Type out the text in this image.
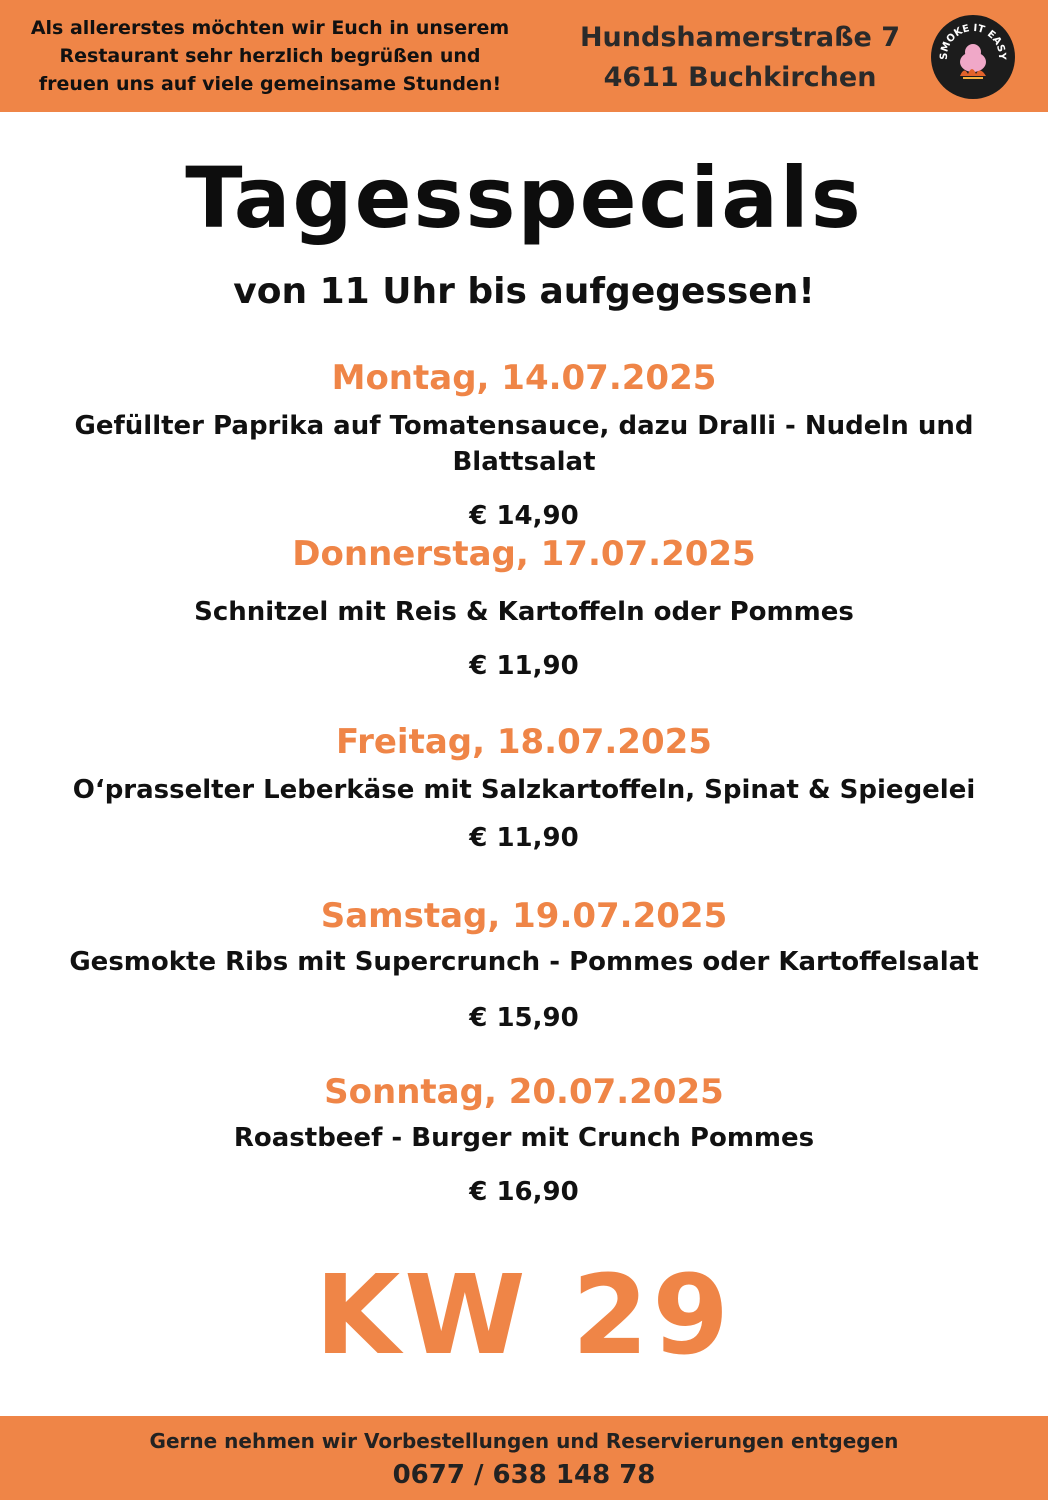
Als allererstes möchten wir Euch in unserem
Restaurant sehr herzlich begrüßen und
freuen uns auf viele gemeinsame Stunden!
Hundshamerstraße 7
4611 Buchkirchen
SMOKE IT EASY
Tagesspecials
von 11 Uhr bis aufgegessen!
Montag, 14.07.2025
Gefüllter Paprika auf Tomatensauce, dazu Dralli - Nudeln und Blattsalat
€ 14,90
Donnerstag, 17.07.2025
Schnitzel mit Reis & Kartoffeln oder Pommes
€ 11,90
Freitag, 18.07.2025
O‘prasselter Leberkäse mit Salzkartoffeln, Spinat & Spiegelei
€ 11,90
Samstag, 19.07.2025
Gesmokte Ribs mit Supercrunch - Pommes oder Kartoffelsalat
€ 15,90
Sonntag, 20.07.2025
Roastbeef - Burger mit Crunch Pommes
€ 16,90
KW 29
Gerne nehmen wir Vorbestellungen und Reservierungen entgegen
0677 / 638 148 78
